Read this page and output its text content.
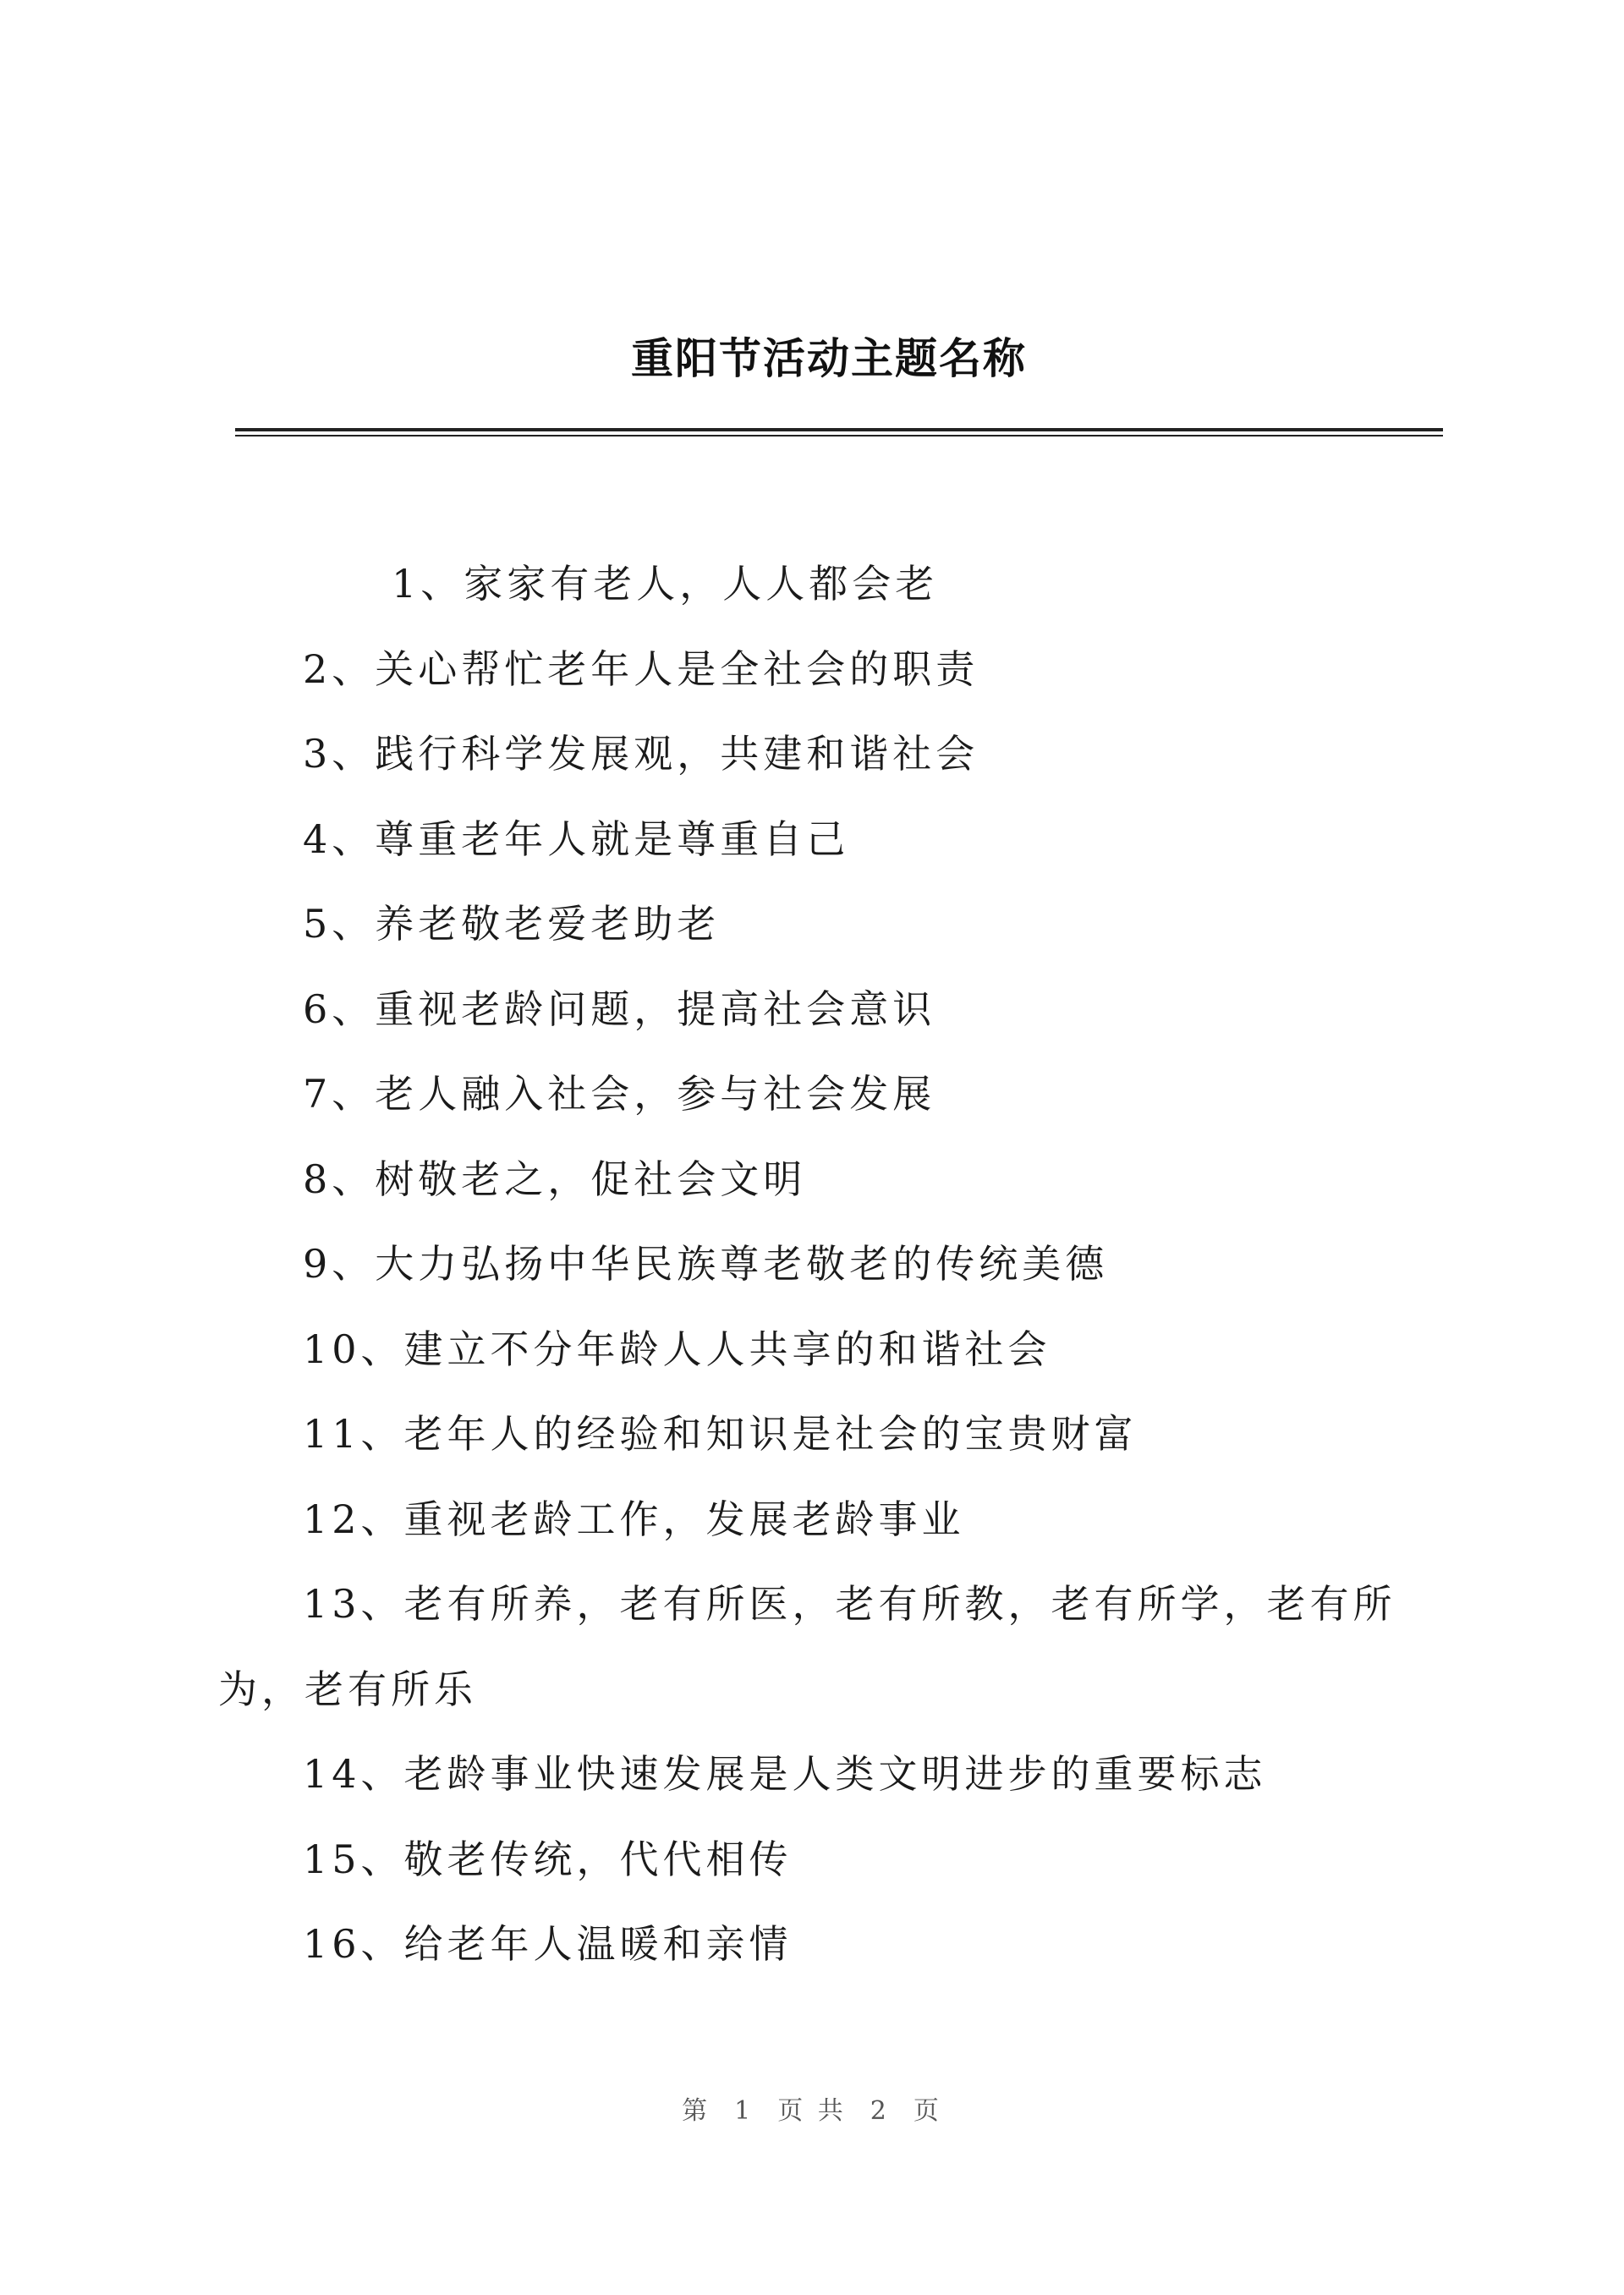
重阳节活动主题名称
1、家家有老人，人人都会老
2、关心帮忙老年人是全社会的职责
3、践行科学发展观，共建和谐社会
4、尊重老年人就是尊重自己
5、养老敬老爱老助老
6、重视老龄问题，提高社会意识
7、老人融入社会，参与社会发展
8、树敬老之，促社会文明
9、大力弘扬中华民族尊老敬老的传统美德
10、建立不分年龄人人共享的和谐社会
11、老年人的经验和知识是社会的宝贵财富
12、重视老龄工作，发展老龄事业
13、老有所养，老有所医，老有所教，老有所学，老有所
为，老有所乐
14、老龄事业快速发展是人类文明进步的重要标志
15、敬老传统，代代相传
16、给老年人温暖和亲情
第 1 页 共 2 页
